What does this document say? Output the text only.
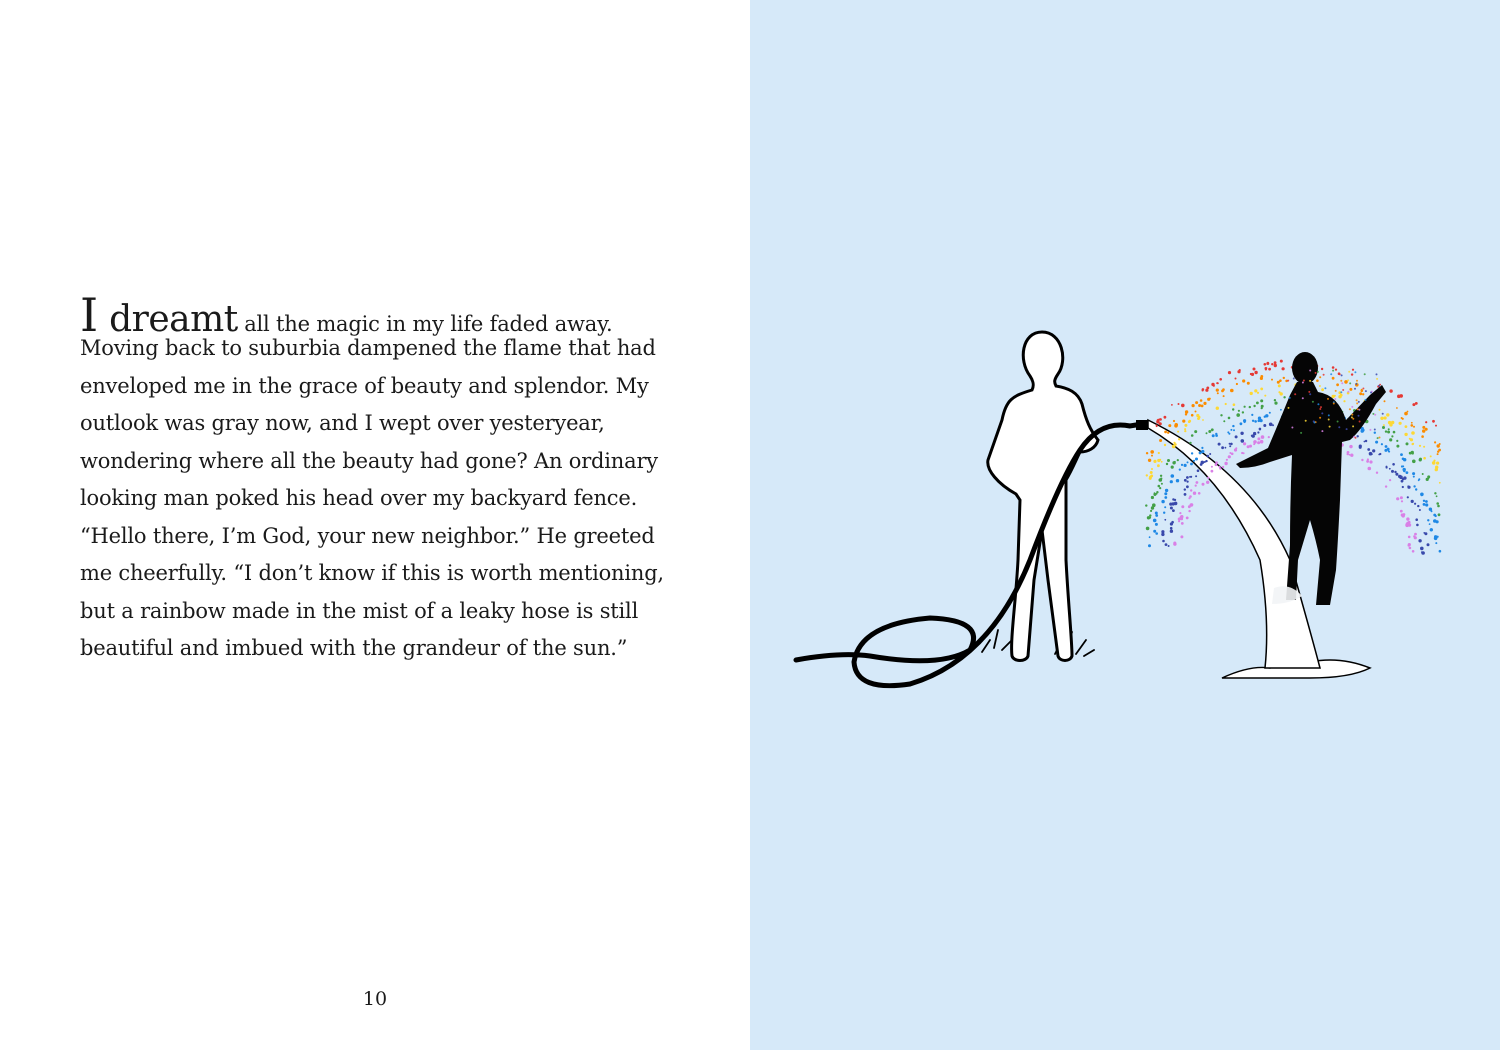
I dreamt all the magic in my life faded away.
Moving back to suburbia dampened the flame that had
enveloped me in the grace of beauty and splendor. My
outlook was gray now, and I wept over yesteryear,
wondering where all the beauty had gone? An ordinary
looking man poked his head over my backyard fence.
“Hello there, I’m God, your new neighbor.” He greeted
me cheerfully. “I don’t know if this is worth mentioning,
but a rainbow made in the mist of a leaky hose is still
beautiful and imbued with the grandeur of the sun.”
10
